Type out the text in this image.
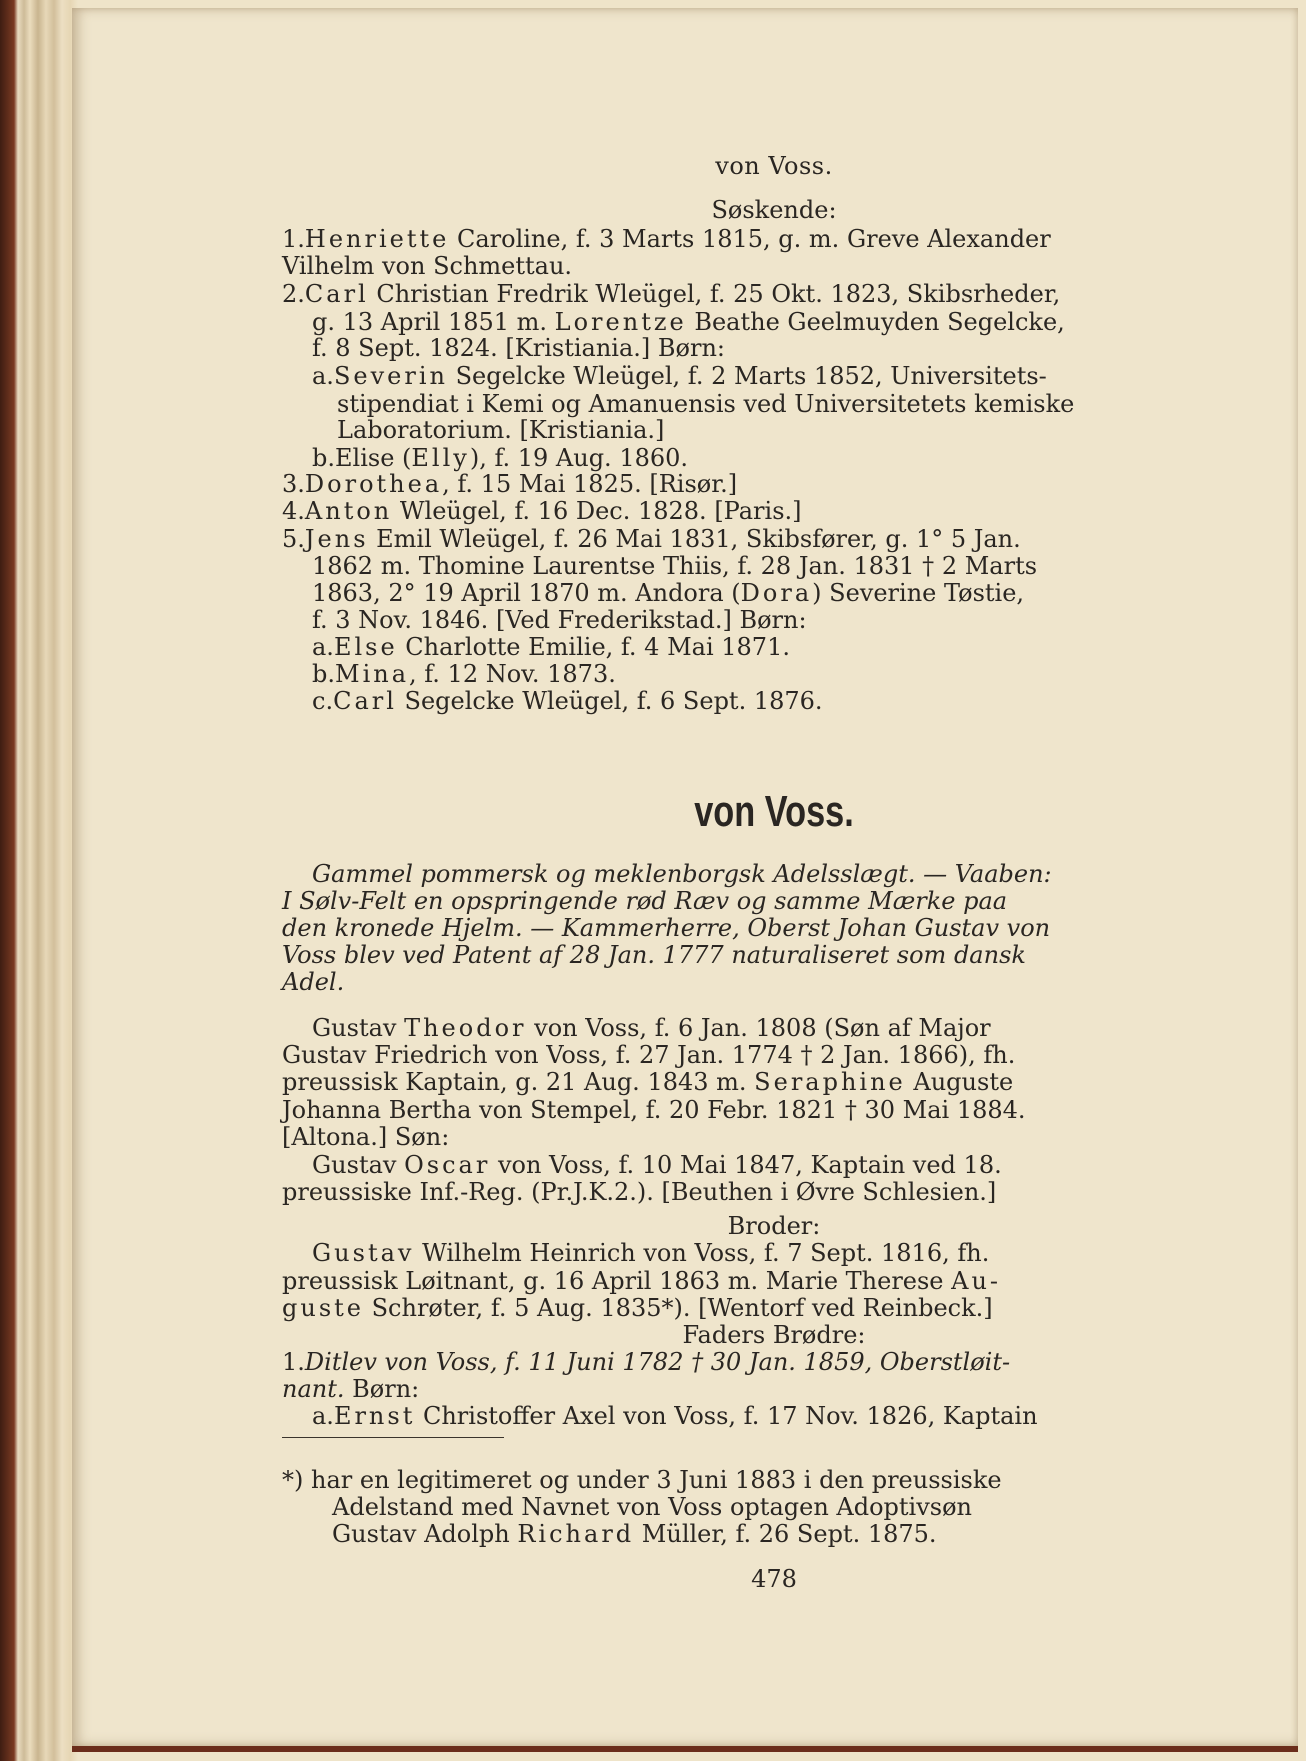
von Voss.
Søskende:
1.Henriette Caroline, f. 3 Marts 1815, g. m. Greve Alexander
Vilhelm von Schmettau.
2.Carl Christian Fredrik Wleügel, f. 25 Okt. 1823, Skibsrheder,
g. 13 April 1851 m. Lorentze Beathe Geelmuyden Segelcke,
f. 8 Sept. 1824. [Kristiania.] Børn:
a.Severin Segelcke Wleügel, f. 2 Marts 1852, Universitets-
stipendiat i Kemi og Amanuensis ved Universitetets kemiske
Laboratorium. [Kristiania.]
b.Elise (Elly), f. 19 Aug. 1860.
3.Dorothea, f. 15 Mai 1825. [Risør.]
4.Anton Wleügel, f. 16 Dec. 1828. [Paris.]
5.Jens Emil Wleügel, f. 26 Mai 1831, Skibsfører, g. 1° 5 Jan.
1862 m. Thomine Laurentse Thiis, f. 28 Jan. 1831 † 2 Marts
1863, 2° 19 April 1870 m. Andora (Dora) Severine Tøstie,
f. 3 Nov. 1846. [Ved Frederikstad.] Børn:
a.Else Charlotte Emilie, f. 4 Mai 1871.
b.Mina, f. 12 Nov. 1873.
c.Carl Segelcke Wleügel, f. 6 Sept. 1876.
von Voss.
Gammel pommersk og meklenborgsk Adelsslægt. — Vaaben:
I Sølv-Felt en opspringende rød Ræv og samme Mærke paa
den kronede Hjelm. — Kammerherre, Oberst Johan Gustav von
Voss blev ved Patent af 28 Jan. 1777 naturaliseret som dansk
Adel.
Gustav Theodor von Voss, f. 6 Jan. 1808 (Søn af Major
Gustav Friedrich von Voss, f. 27 Jan. 1774 † 2 Jan. 1866), fh.
preussisk Kaptain, g. 21 Aug. 1843 m. Seraphine Auguste
Johanna Bertha von Stempel, f. 20 Febr. 1821 † 30 Mai 1884.
[Altona.] Søn:
Gustav Oscar von Voss, f. 10 Mai 1847, Kaptain ved 18.
preussiske Inf.-Reg. (Pr.J.K.2.). [Beuthen i Øvre Schlesien.]
Broder:
Gustav Wilhelm Heinrich von Voss, f. 7 Sept. 1816, fh.
preussisk Løitnant, g. 16 April 1863 m. Marie Therese Au-
guste Schrøter, f. 5 Aug. 1835*). [Wentorf ved Reinbeck.]
Faders Brødre:
1.Ditlev von Voss, f. 11 Juni 1782 † 30 Jan. 1859, Oberstløit-
nant. Børn:
a.Ernst Christoffer Axel von Voss, f. 17 Nov. 1826, Kaptain
*) har en legitimeret og under 3 Juni 1883 i den preussiske
Adelstand med Navnet von Voss optagen Adoptivsøn
Gustav Adolph Richard Müller, f. 26 Sept. 1875.
478
